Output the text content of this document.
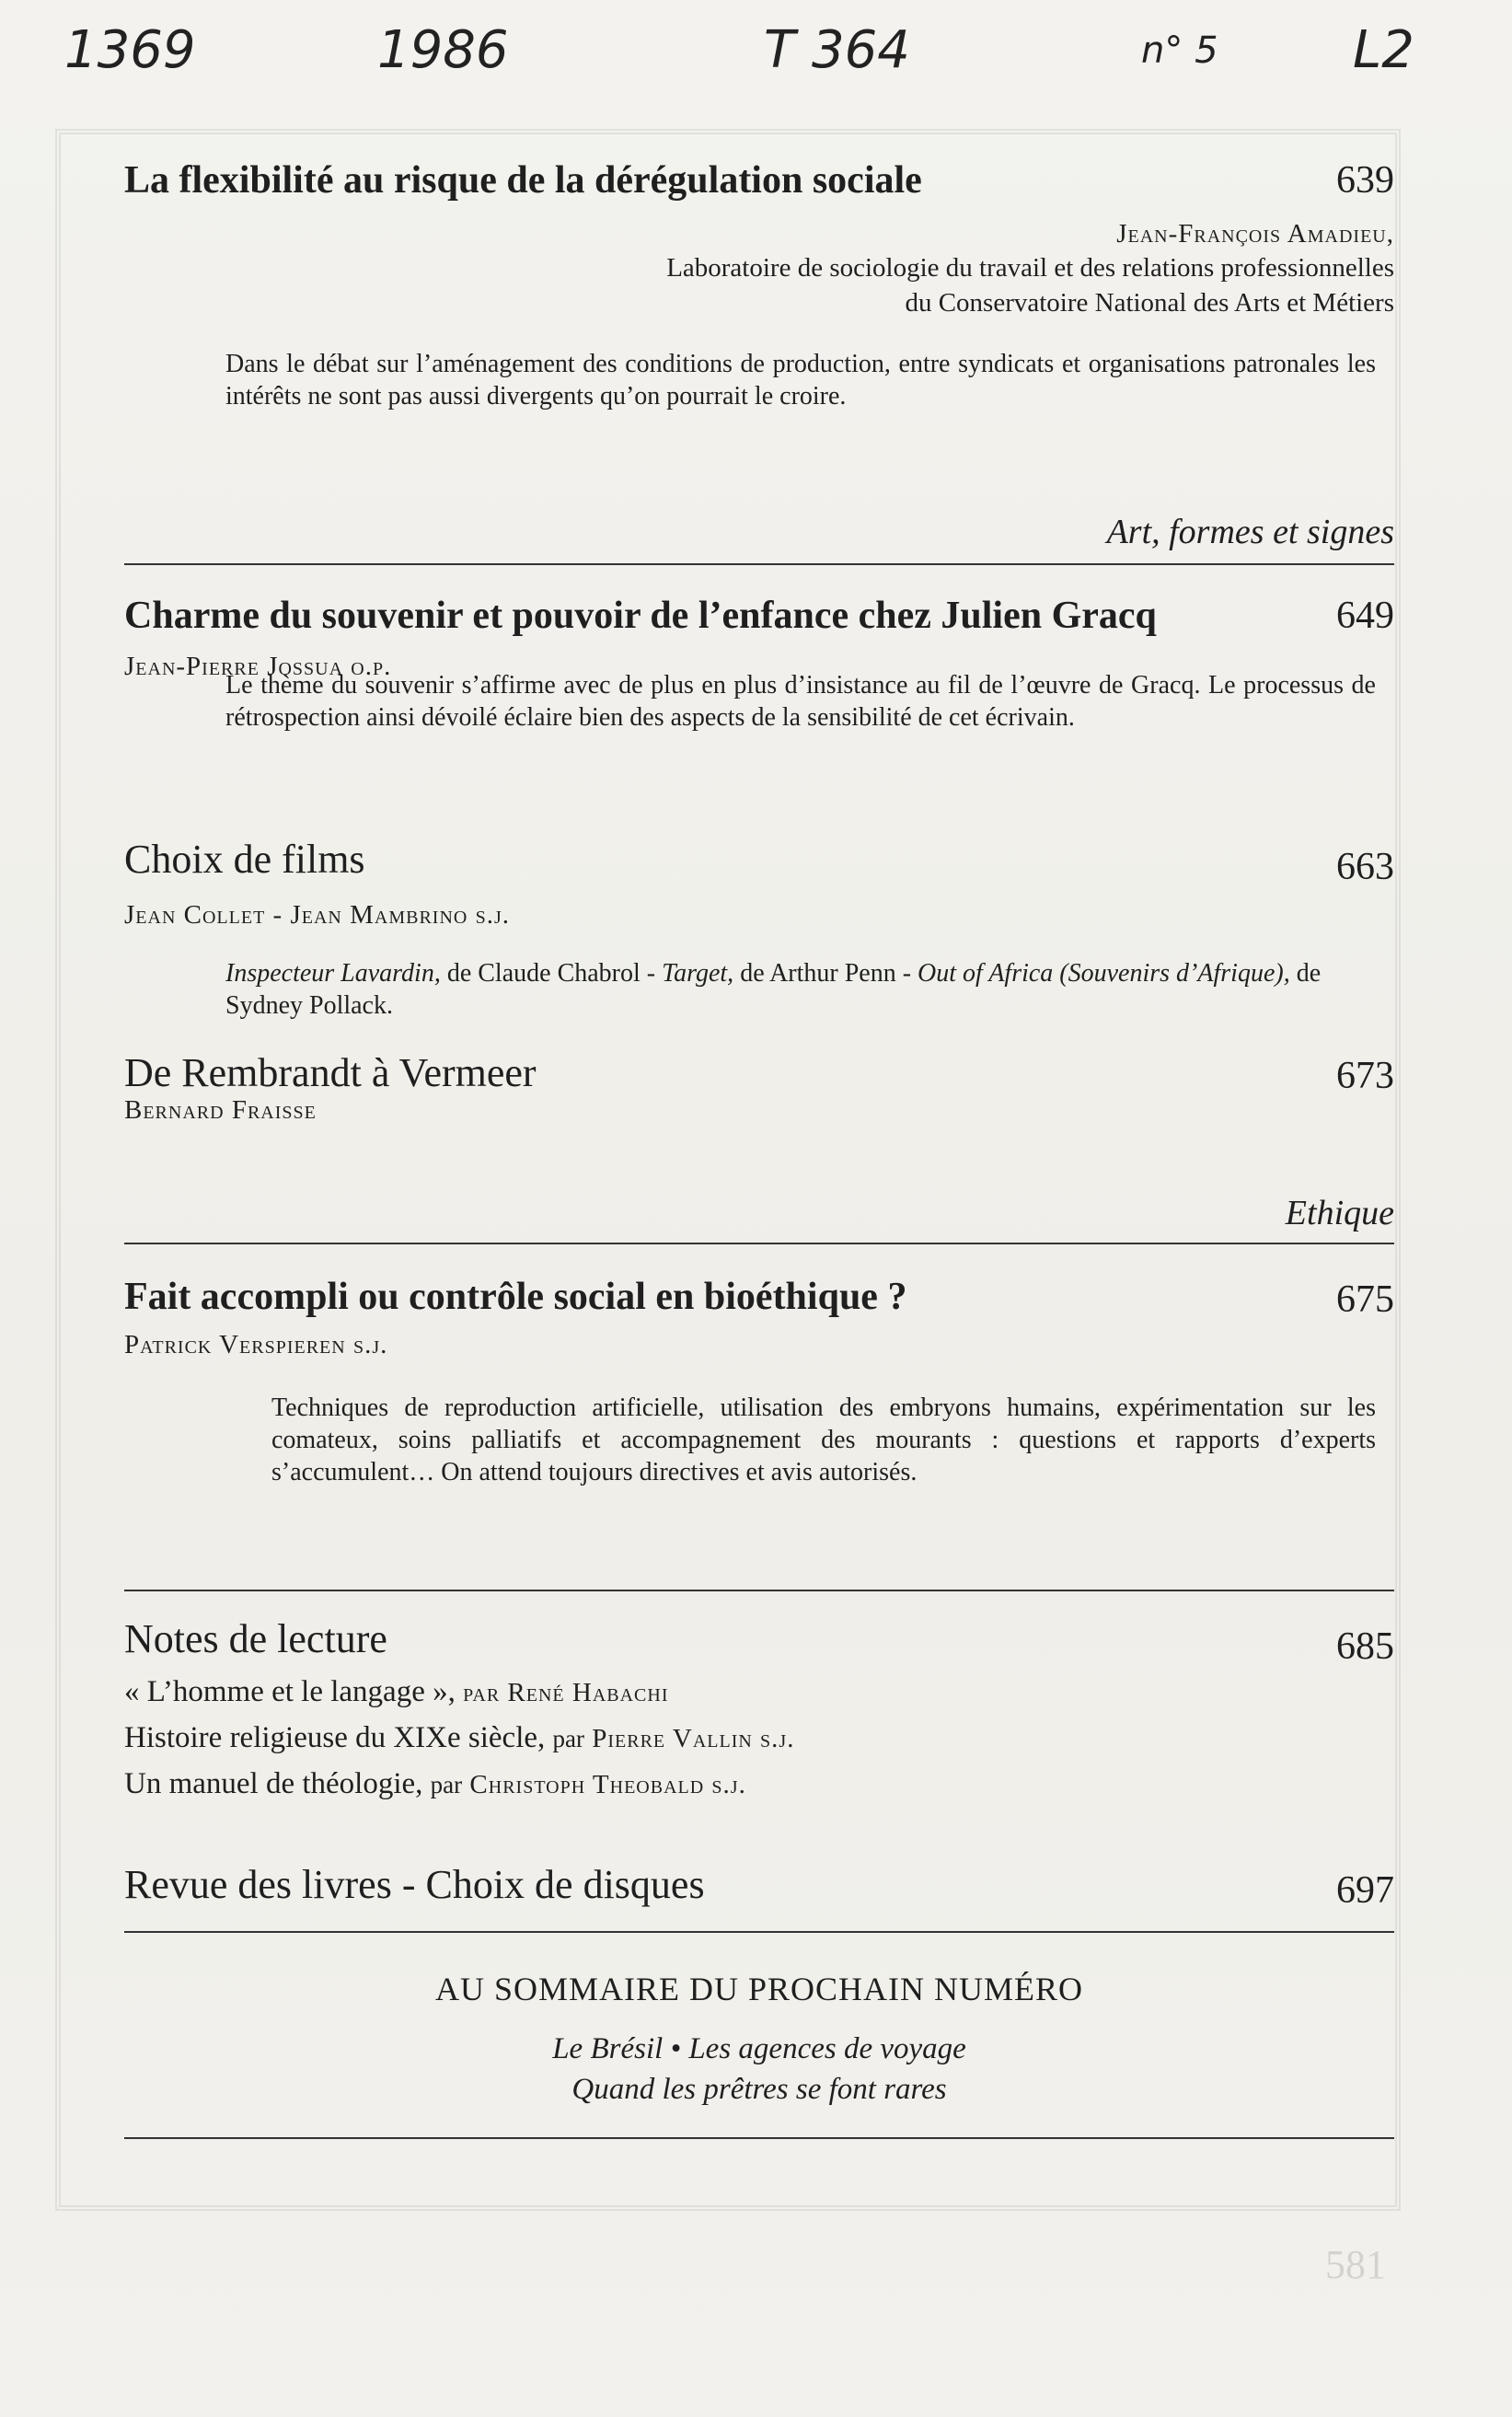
1369	1986	T 364	n° 5	L2
La flexibilité au risque de la dérégulation sociale	639
Jean-François Amadieu,
Laboratoire de sociologie du travail et des relations professionnelles
du Conservatoire National des Arts et Métiers
Dans le débat sur l’aménagement des conditions de production, entre syndicats et organisations patronales les intérêts ne sont pas aussi divergents qu’on pourrait le croire.
Art, formes et signes
Charme du souvenir et pouvoir de l’enfance chez Julien Gracq	649
Jean-Pierre Jossua o.p.
Le thème du souvenir s’affirme avec de plus en plus d’insistance au fil de l’œuvre de Gracq. Le processus de rétrospection ainsi dévoilé éclaire bien des aspects de la sensibilité de cet écrivain.
Choix de films	663
Jean Collet - Jean Mambrino s.j.
Inspecteur Lavardin, de Claude Chabrol - Target, de Arthur Penn - Out of Africa (Souvenirs d’Afrique), de Sydney Pollack.
De Rembrandt à Vermeer	673
Bernard Fraisse
Ethique
Fait accompli ou contrôle social en bioéthique ?	675
Patrick Verspieren s.j.
Techniques de reproduction artificielle, utilisation des embryons humains, expérimentation sur les comateux, soins palliatifs et accompagnement des mourants : questions et rapports d’experts s’accumulent… On attend toujours directives et avis autorisés.
Notes de lecture	685
« L’homme et le langage », par René Habachi
Histoire religieuse du XIXe siècle, par Pierre Vallin s.j.
Un manuel de théologie, par Christoph Theobald s.j.
Revue des livres - Choix de disques	697
AU SOMMAIRE DU PROCHAIN NUMÉRO
Le Brésil • Les agences de voyage
Quand les prêtres se font rares
581
